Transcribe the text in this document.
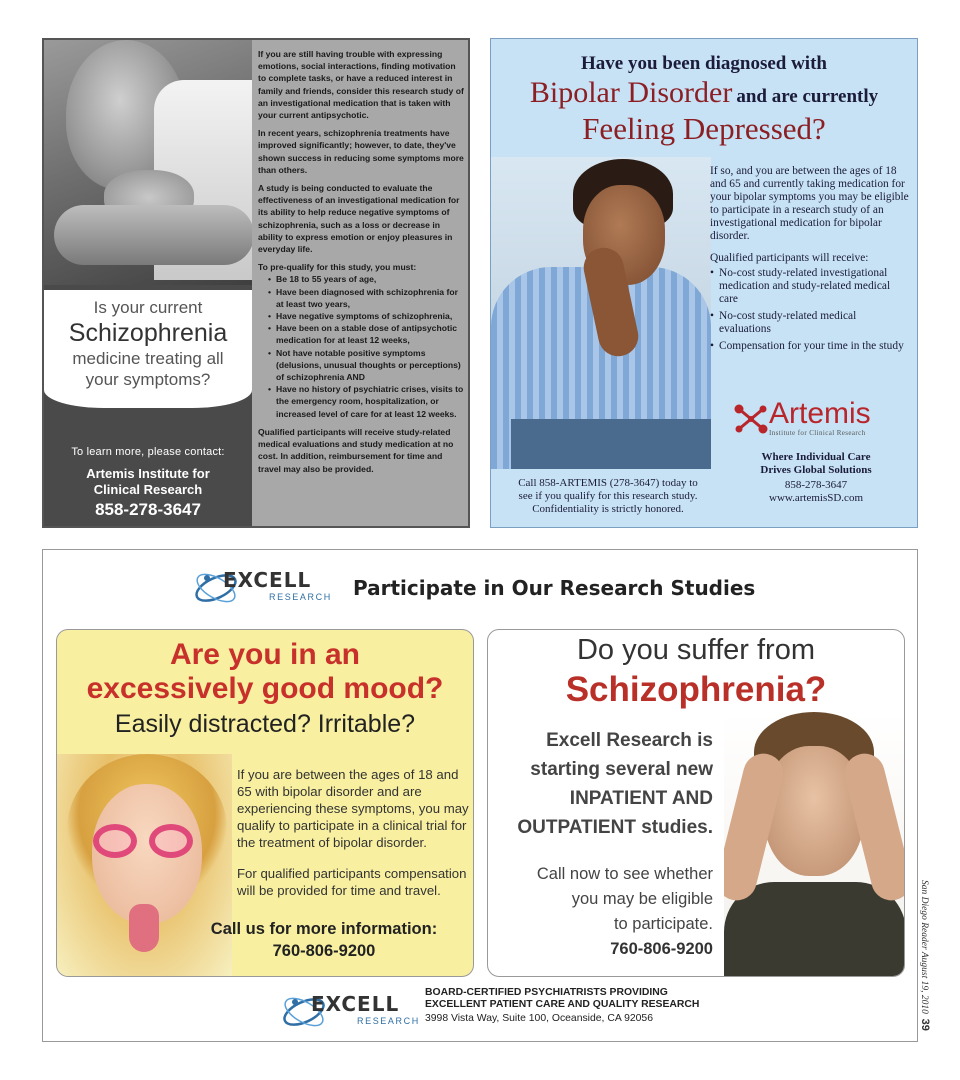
Is your current
Schizophrenia
medicine treating all
your symptoms?
To learn more, please contact:
Artemis Institute for
Clinical Research
858-278-3647

If you are still having trouble with expressing emotions, social interactions, finding motivation to complete tasks, or have a reduced interest in family and friends, consider this research study of an investigational medication that is taken with your current antipsychotic.

In recent years, schizophrenia treatments have improved significantly; however, to date, they've shown success in reducing some symptoms more than others.

A study is being conducted to evaluate the effectiveness of an investigational medication for its ability to help reduce negative symptoms of schizophrenia, such as a loss or decrease in ability to express emotion or enjoy pleasures in everyday life.

To pre-qualify for this study, you must:

• Be 18 to 55 years of age,
• Have been diagnosed with schizophrenia for at least two years,
• Have negative symptoms of schizophrenia,
• Have been on a stable dose of antipsychotic medication for at least 12 weeks,
• Not have notable positive symptoms (delusions, unusual thoughts or perceptions) of schizophrenia AND
• Have no history of psychiatric crises, visits to the emergency room, hospitalization, or increased level of care for at least 12 weeks.

Qualified participants will receive study-related medical evaluations and study medication at no cost. In addition, reimbursement for time and travel may also be provided.

Have you been diagnosed with
Bipolar Disorder and are currently
Feeling Depressed?

If so, and you are between the ages of 18 and 65 and currently taking medication for your bipolar symptoms you may be eligible to participate in a research study of an investigational medication for bipolar disorder.

Qualified participants will receive:

• No-cost study-related investigational medication and study-related medical care
• No-cost study-related medical evaluations
• Compensation for your time in the study
Artemis
Institute for Clinical Research
Where Individual Care
Drives Global Solutions
858-278-3647
www.artemisSD.com
Call 858-ARTEMIS (278-3647) today to
see if you qualify for this research study.
Confidentiality is strictly honored.
EXCELL
RESEARCH Participate in Our Research Studies
Are you in an
excessively good mood?
Easily distracted? Irritable?

If you are between the ages of 18 and 65 with bipolar disorder and are experiencing these symptoms, you may qualify to participate in a clinical trial for the treatment of bipolar disorder.

For qualified participants compensation will be provided for time and travel.

Call us for more information:
760-806-9200
Do you suffer from
Schizophrenia?
Excell Research is
starting several new
INPATIENT AND
OUTPATIENT studies.
Call now to see whether
you may be eligible
to participate.
760-806-9200
EXCELL
RESEARCH
BOARD-CERTIFIED PSYCHIATRISTS PROVIDING
EXCELLENT PATIENT CARE AND QUALITY RESEARCH
3998 Vista Way, Suite 100, Oceanside, CA 92056
San Diego Reader August 19, 2010  39
